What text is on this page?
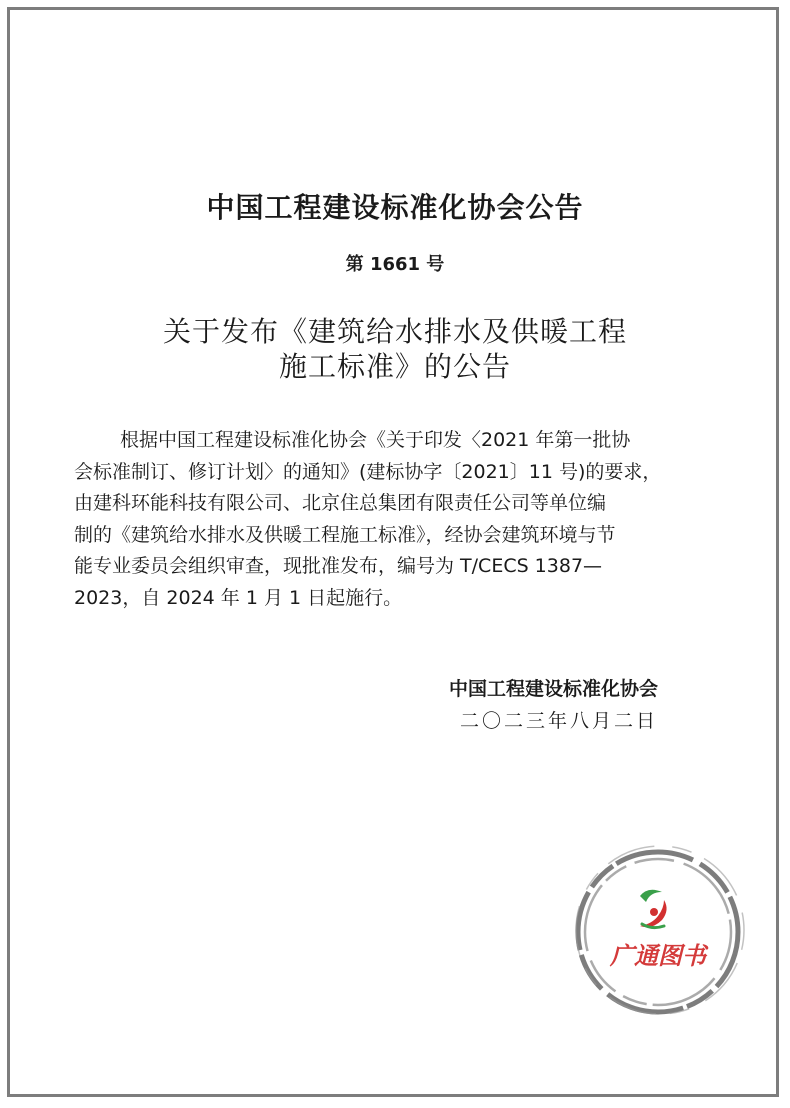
中国工程建设标准化协会公告
第 1661 号
关于发布《建筑给水排水及供暖工程
施工标准》的公告
根据中国工程建设标准化协会《关于印发〈2021 年第一批协
会标准制订、修订计划〉的通知》(建标协字〔2021〕11 号)的要求，
由建科环能科技有限公司、北京住总集团有限责任公司等单位编
制的《建筑给水排水及供暖工程施工标准》，经协会建筑环境与节
能专业委员会组织审查，现批准发布，编号为 T/CECS 1387—
2023，自 2024 年 1 月 1 日起施行。
中国工程建设标准化协会
二〇二三年八月二日
广通图书
